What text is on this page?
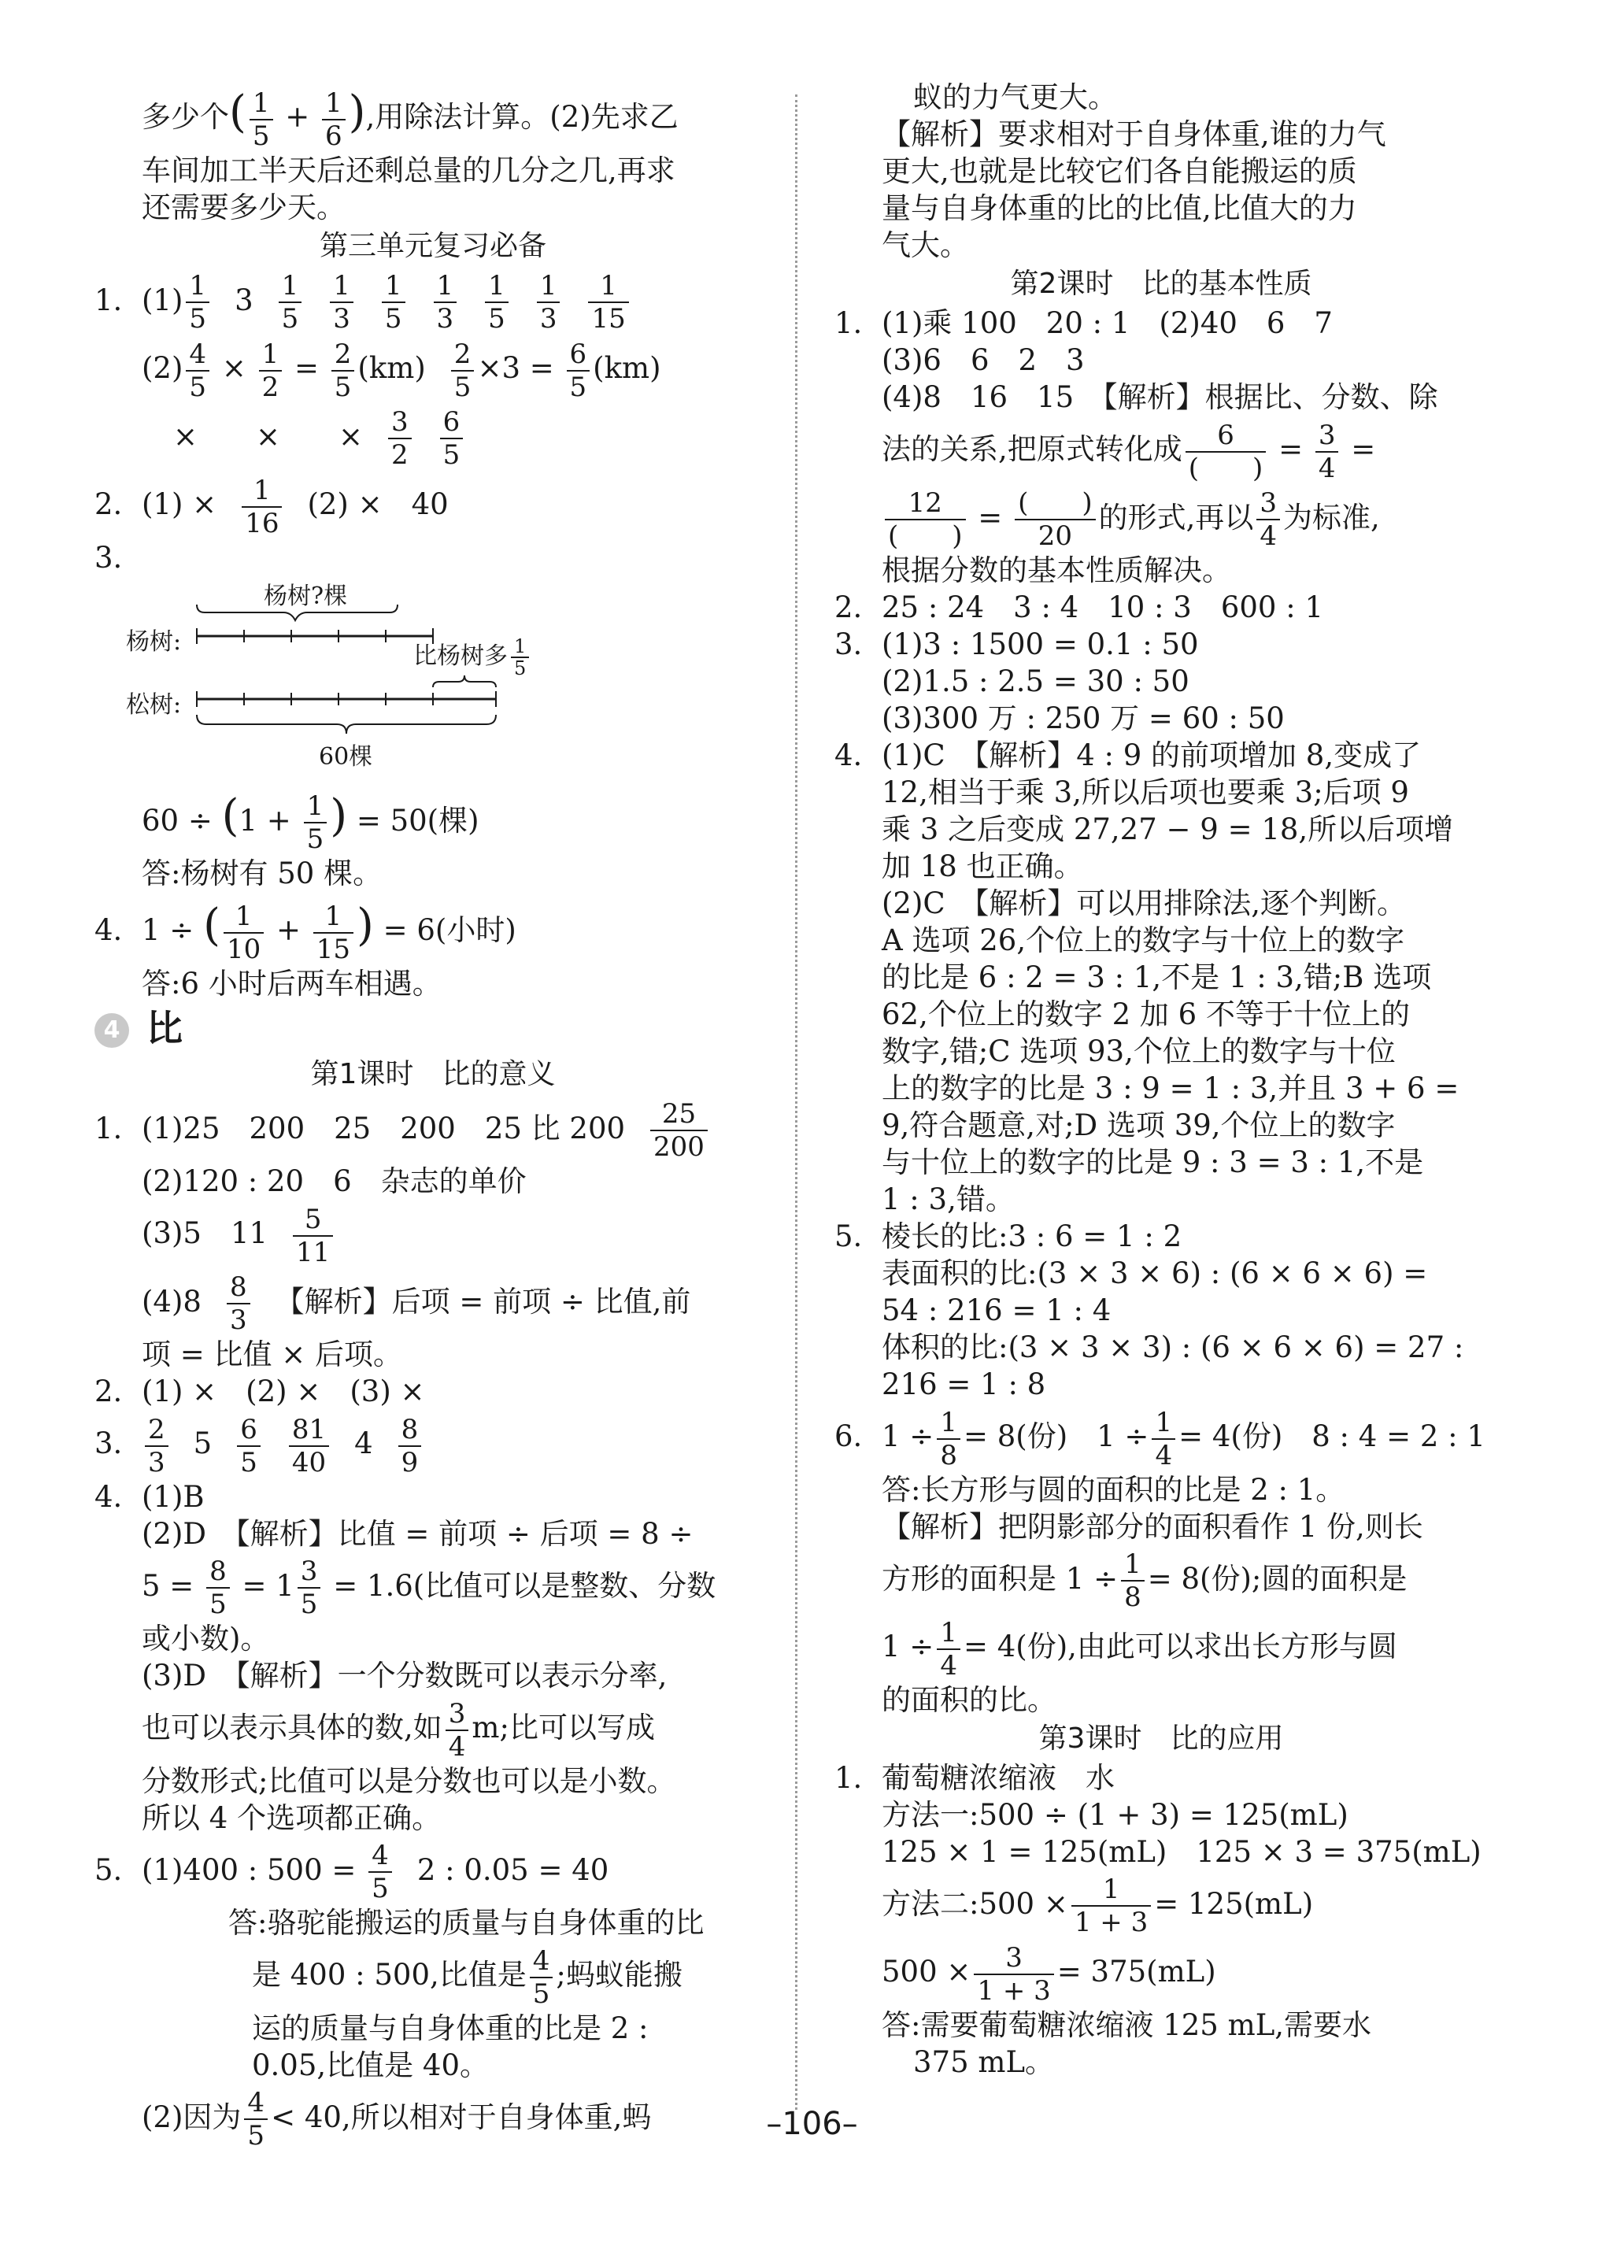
多少个( $\frac{1}{5} + \frac{1}{6}$ ),用除法计算。(2)先求乙
车间加工半天后还剩总量的几分之几,再求
还需要多少天。
第三单元复习必备
1. $(1) \frac{1}{5} 3 \frac{1}{5} \frac{1}{3} \frac{1}{5} \frac{1}{3} \frac{1}{5} \frac{1}{3} \frac{1}{15}$
$(2) \frac{4}{5} \times \frac{1}{2} = \frac{2}{5} (km) \frac{2}{5} \times 3 = \frac{6}{5} (km)$
×　　×　　× $\frac{3}{2} \frac{6}{5}$
2. $(1) \times \frac{1}{16} (2)$ ×　40
3.
杨树?棵
杨树:
松树:
比杨树多 $\frac{1}{5}$
60棵
$60 \div (1 + \frac{1}{5}$ ) = 50(棵)
答:杨树有 50 棵。
4. 1 ÷ ( $\frac{1}{10} + \frac{1}{15}$ ) = 6(小时)
答:6 小时后两车相遇。
4 比
第1课时　比的意义
1. (1)25　200　25　200　25 比 $200 \frac{25}{200}$
(2)120 : 20　6　杂志的单价
(3)5　$11 \frac{5}{11}$
$(4)8 \frac{8}{3}$ 【解析】后项 = 前项 ÷ 比值,前
项 = 比值 × 后项。
2. (1) ×　(2) ×　(3) ×
3. $\frac{2}{3} 5 \frac{6}{5} \frac{81}{40} 4 \frac{8}{9}$
4. (1)B
(2)D　【解析】比值 = 前项 ÷ 后项 = 8 ÷
$5 = \frac{8}{5} = 1 \frac{3}{5} = 1.6$(比值可以是整数、分数
或小数)。
(3)D　【解析】一个分数既可以表示分率,
也可以表示具体的数,如 $\frac{3}{4} m$;比可以写成
分数形式;比值可以是分数也可以是小数。
所以 4 个选项都正确。
5. (1)400 : $500 = \frac{4}{5} 2$ : 0.05 = 40
答:骆驼能搬运的质量与自身体重的比
是 400 : 500,比值是 $\frac{4}{5}$ ;蚂蚁能搬
运的质量与自身体重的比是 2 :
0.05,比值是 40。
(2)因为 $\frac{4}{5} < 40$,所以相对于自身体重,蚂
蚁的力气更大。
【解析】要求相对于自身体重,谁的力气
更大,也就是比较它们各自能搬运的质
量与自身体重的比的比值,比值大的力
气大。
第2课时　比的基本性质
1. (1)乘 100　20 : 1　(2)40　6　7
(3)6　6　2　3
(4)8　16　15　【解析】根据比、分数、除
法的关系,把原式转化成 $\frac{6}{( )} = \frac{3}{4}$ =
$\frac{12}{( )} = \frac{( )}{20}$ 的形式,再以 $\frac{3}{4}$ 为标准,
根据分数的基本性质解决。
2. 25 : 24　3 : 4　10 : 3　600 : 1
3. (1)3 : 1500 = 0.1 : 50
(2)1.5 : 2.5 = 30 : 50
(3)300 万 : 250 万 = 60 : 50
4. (1)C　【解析】4 : 9 的前项增加 8,变成了
12,相当于乘 3,所以后项也要乘 3;后项 9
乘 3 之后变成 27,27 − 9 = 18,所以后项增
加 18 也正确。
(2)C　【解析】可以用排除法,逐个判断。
A 选项 26,个位上的数字与十位上的数字
的比是 6 : 2 = 3 : 1,不是 1 : 3,错;B 选项
62,个位上的数字 2 加 6 不等于十位上的
数字,错;C 选项 93,个位上的数字与十位
上的数字的比是 3 : 9 = 1 : 3,并且 3 + 6 =
9,符合题意,对;D 选项 39,个位上的数字
与十位上的数字的比是 9 : 3 = 3 : 1,不是
1 : 3,错。
5. 棱长的比:3 : 6 = 1 : 2
表面积的比:(3 × 3 × 6) : (6 × 6 × 6) =
54 : 216 = 1 : 4
体积的比:(3 × 3 × 3) : (6 × 6 × 6) = 27 :
216 = 1 : 8
6. $1 \div \frac{1}{8} = 8$(份)　$1 \div \frac{1}{4} = 4$(份)　8 : 4 = 2 : 1
答:长方形与圆的面积的比是 2 : 1。
【解析】把阴影部分的面积看作 1 份,则长
方形的面积是 $1 \div \frac{1}{8} = 8$(份);圆的面积是
$1 \div \frac{1}{4} = 4$(份),由此可以求出长方形与圆
的面积的比。
第3课时　比的应用
1. 葡萄糖浓缩液　水
方法一:500 ÷ (1 + 3) = 125(mL)
125 × 1 = 125(mL)　125 × 3 = 375(mL)
方法二:500 × $\frac{1}{1 + 3} = 125(mL)$
$500 \times \frac{3}{1 + 3} = 375(mL)$
答:需要葡萄糖浓缩液 125 mL,需要水
375 mL。
–106–
